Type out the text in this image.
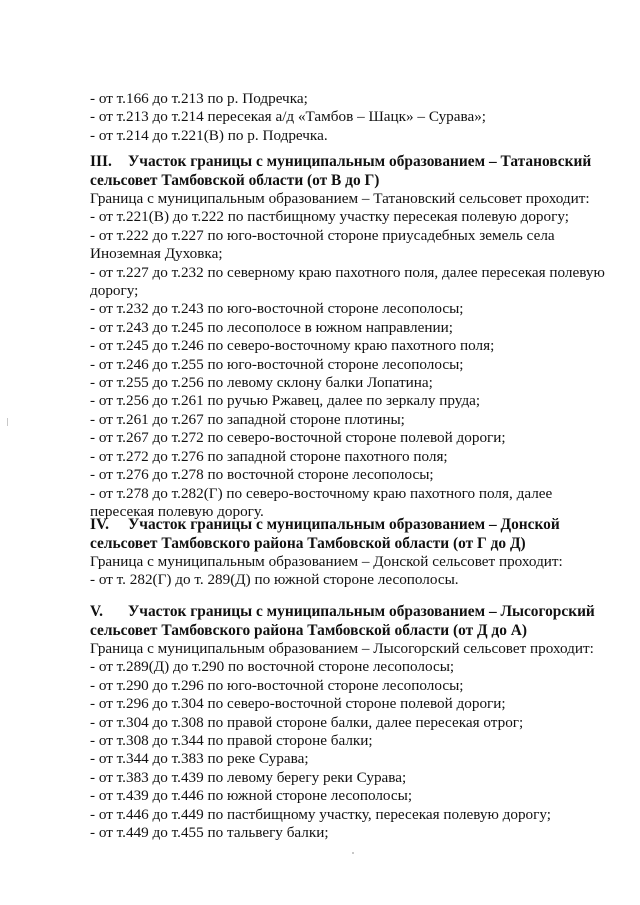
- от т.166 до т.213 по р. Подречка;
- от т.213 до т.214 пересекая а/д «Тамбов – Шацк» – Сурава»;
- от т.214 до т.221(В) по р. Подречка.
III. Участок границы с муниципальным образованием – Татановский
сельсовет Тамбовской области (от В до Г)
Граница с муниципальным образованием – Татановский сельсовет проходит:
- от т.221(В) до т.222 по пастбищному участку пересекая полевую дорогу;
- от т.222 до т.227 по юго-восточной стороне приусадебных земель села
Иноземная Духовка;
- от т.227 до т.232 по северному краю пахотного поля, далее пересекая полевую
дорогу;
- от т.232 до т.243 по юго-восточной стороне лесополосы;
- от т.243 до т.245 по лесополосе в южном направлении;
- от т.245 до т.246 по северо-восточному краю пахотного поля;
- от т.246 до т.255 по юго-восточной стороне лесополосы;
- от т.255 до т.256 по левому склону балки Лопатина;
- от т.256 до т.261 по ручью Ржавец, далее по зеркалу пруда;
- от т.261 до т.267 по западной стороне плотины;
- от т.267 до т.272 по северо-восточной стороне полевой дороги;
- от т.272 до т.276 по западной стороне пахотного поля;
- от т.276 до т.278 по восточной стороне лесополосы;
- от т.278 до т.282(Г) по северо-восточному краю пахотного поля, далее
пересекая полевую дорогу.
IV. Участок границы с муниципальным образованием – Донской
сельсовет Тамбовского района Тамбовской области (от Г до Д)
Граница с муниципальным образованием – Донской сельсовет проходит:
- от т. 282(Г) до т. 289(Д) по южной стороне лесополосы.
V. Участок границы с муниципальным образованием – Лысогорский
сельсовет Тамбовского района Тамбовской области (от Д до А)
Граница с муниципальным образованием – Лысогорский сельсовет проходит:
- от т.289(Д) до т.290 по восточной стороне лесополосы;
- от т.290 до т.296 по юго-восточной стороне лесополосы;
- от т.296 до т.304 по северо-восточной стороне полевой дороги;
- от т.304 до т.308 по правой стороне балки, далее пересекая отрог;
- от т.308 до т.344 по правой стороне балки;
- от т.344 до т.383 по реке Сурава;
- от т.383 до т.439 по левому берегу реки Сурава;
- от т.439 до т.446 по южной стороне лесополосы;
- от т.446 до т.449 по пастбищному участку, пересекая полевую дорогу;
- от т.449 до т.455 по тальвегу балки;
